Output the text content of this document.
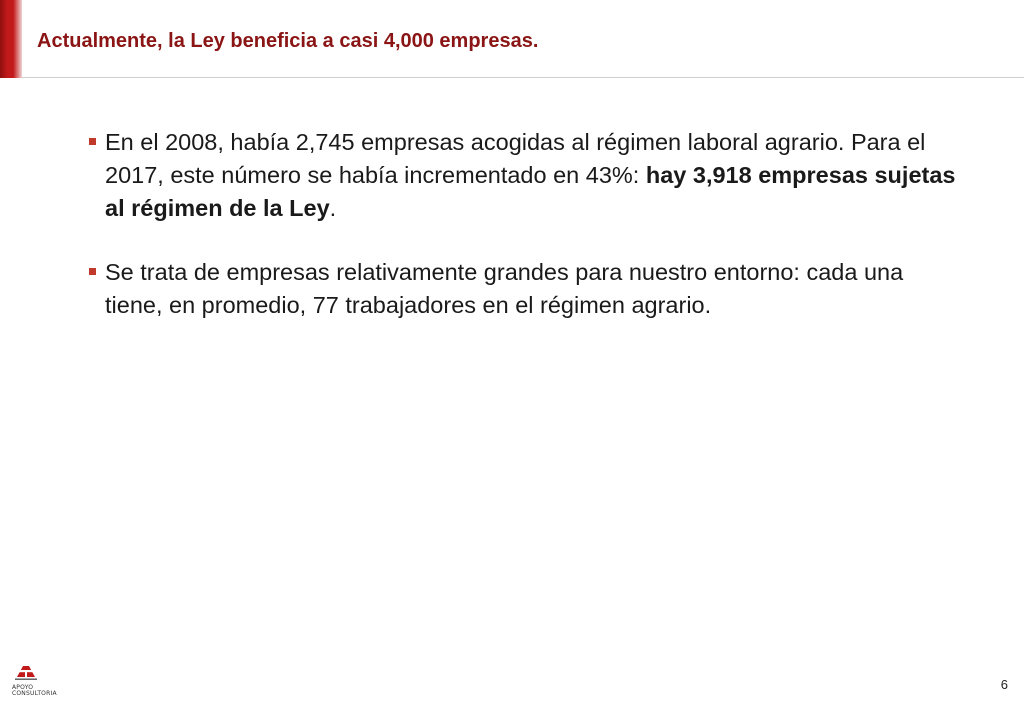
Actualmente, la Ley beneficia a casi 4,000 empresas.
En el 2008, había 2,745 empresas acogidas al régimen laboral agrario. Para el 2017, este número se había incrementado en 43%: hay 3,918 empresas sujetas al régimen de la Ley.
Se trata de empresas relativamente grandes para nuestro entorno: cada una tiene, en promedio, 77 trabajadores en el régimen agrario.
APOYO
CONSULTORIA
6
